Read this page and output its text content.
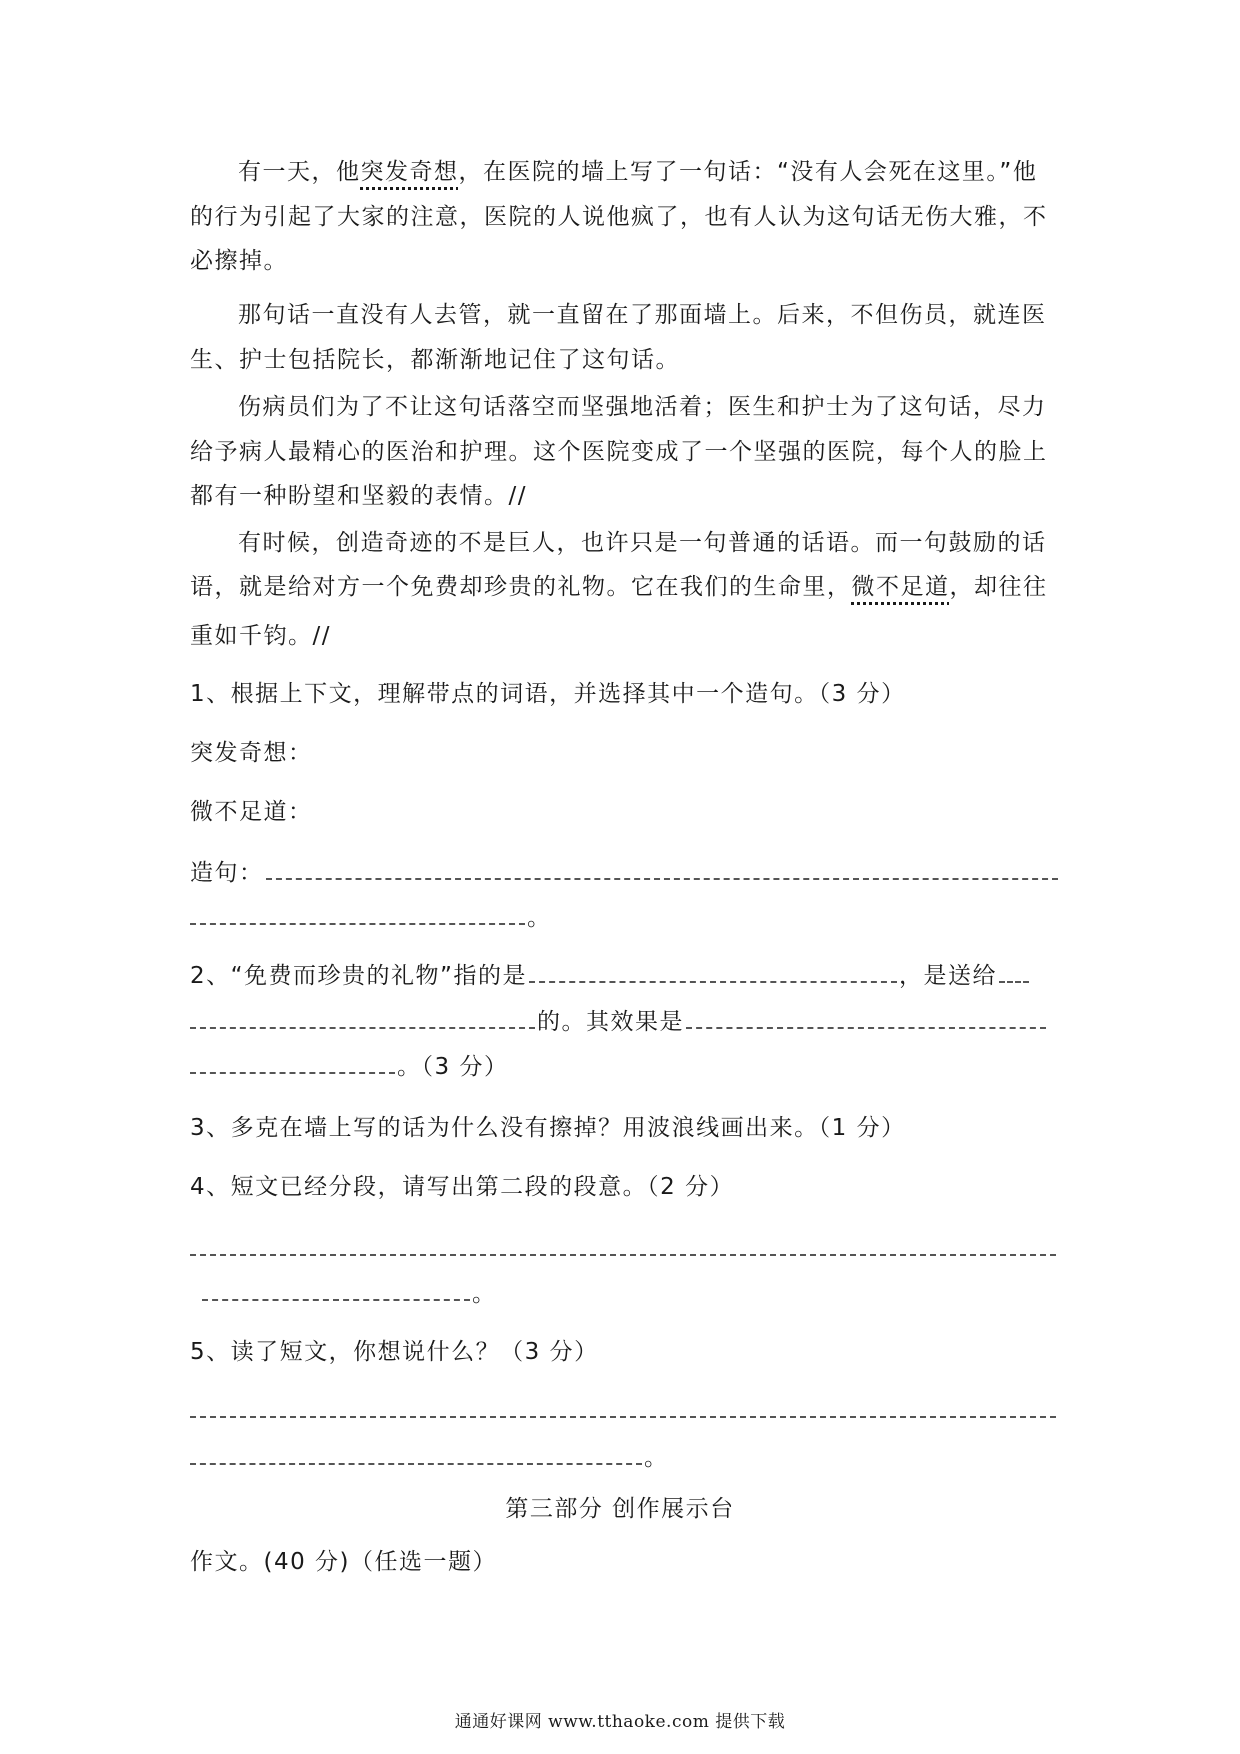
有一天，他突发奇想，在医院的墙上写了一句话：“没有人会死在这里。”他
的行为引起了大家的注意，医院的人说他疯了，也有人认为这句话无伤大雅，不
必擦掉。
那句话一直没有人去管，就一直留在了那面墙上。后来，不但伤员，就连医
生、护士包括院长，都渐渐地记住了这句话。
伤病员们为了不让这句话落空而坚强地活着；医生和护士为了这句话，尽力
给予病人最精心的医治和护理。这个医院变成了一个坚强的医院，每个人的脸上
都有一种盼望和坚毅的表情。//
有时候，创造奇迹的不是巨人，也许只是一句普通的话语。而一句鼓励的话
语，就是给对方一个免费却珍贵的礼物。它在我们的生命里，微不足道，却往往
重如千钧。//
1、根据上下文，理解带点的词语，并选择其中一个造句。（3 分）
突发奇想：
微不足道：
造句：
。
2、“免费而珍贵的礼物”指的是	，是送给
的。其效果是
。（3 分）
3、多克在墙上写的话为什么没有擦掉？用波浪线画出来。（1 分）
4、短文已经分段，请写出第二段的段意。（2 分）
。
5、读了短文，你想说什么？（3 分）
。
第三部分 创作展示台
作文。(40 分)（任选一题）
通通好课网 www.tthaoke.com 提供下载
